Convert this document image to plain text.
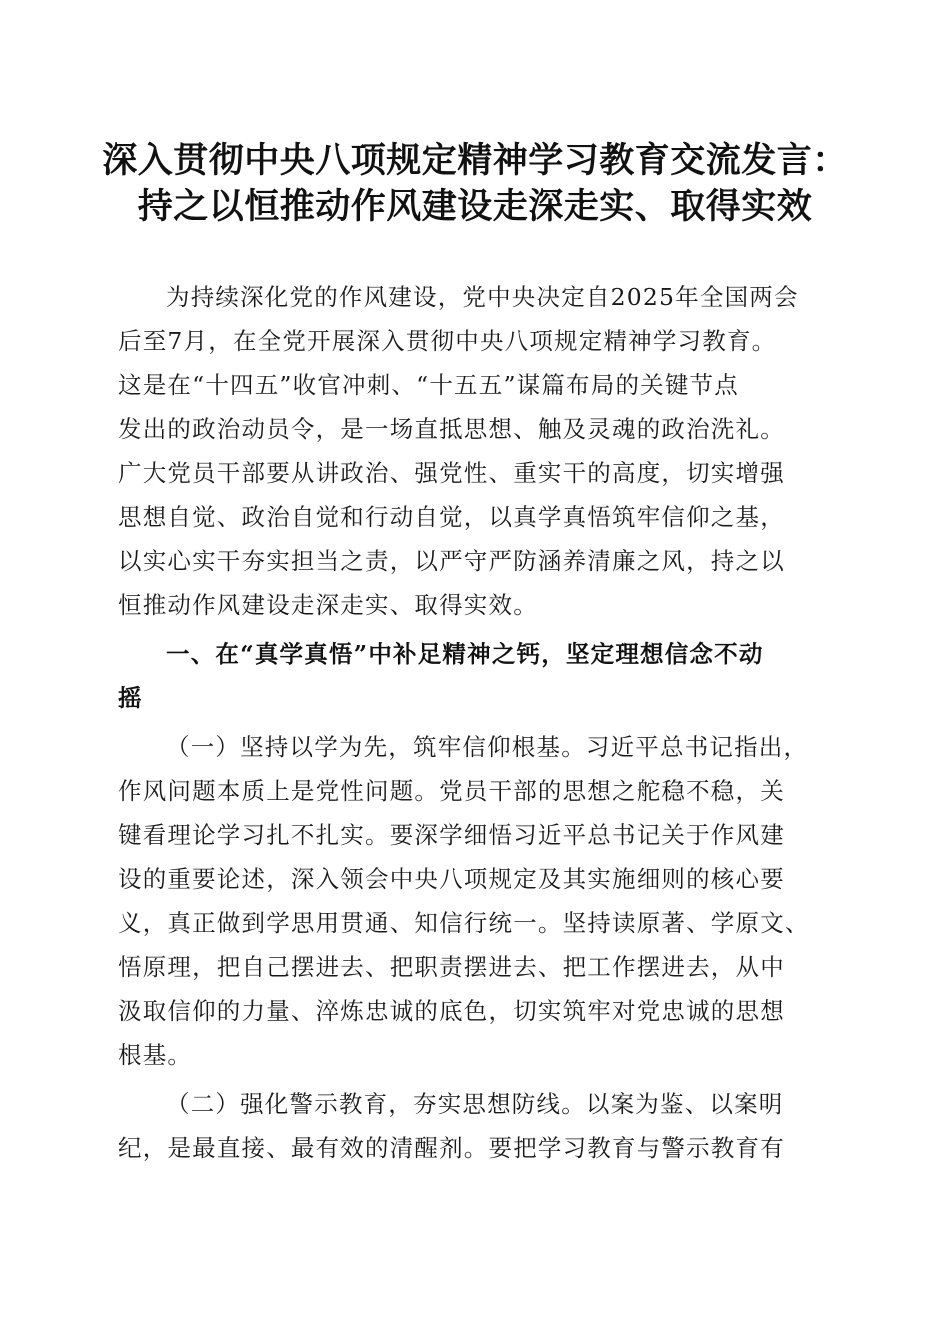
深入贯彻中央八项规定精神学习教育交流发言：
持之以恒推动作风建设走深走实、取得实效
为持续深化党的作风建设，党中央决定自2025年全国两会
后至7月，在全党开展深入贯彻中央八项规定精神学习教育。
这是在“十四五”收官冲刺、“十五五”谋篇布局的关键节点
发出的政治动员令，是一场直抵思想、触及灵魂的政治洗礼。
广大党员干部要从讲政治、强党性、重实干的高度，切实增强
思想自觉、政治自觉和行动自觉，以真学真悟筑牢信仰之基，
以实心实干夯实担当之责，以严守严防涵养清廉之风，持之以
恒推动作风建设走深走实、取得实效。
一、在“真学真悟”中补足精神之钙，坚定理想信念不动
摇
（一）坚持以学为先，筑牢信仰根基。习近平总书记指出，
作风问题本质上是党性问题。党员干部的思想之舵稳不稳，关
键看理论学习扎不扎实。要深学细悟习近平总书记关于作风建
设的重要论述，深入领会中央八项规定及其实施细则的核心要
义，真正做到学思用贯通、知信行统一。坚持读原著、学原文、
悟原理，把自己摆进去、把职责摆进去、把工作摆进去，从中
汲取信仰的力量、淬炼忠诚的底色，切实筑牢对党忠诚的思想
根基。
（二）强化警示教育，夯实思想防线。以案为鉴、以案明
纪，是最直接、最有效的清醒剂。要把学习教育与警示教育有
